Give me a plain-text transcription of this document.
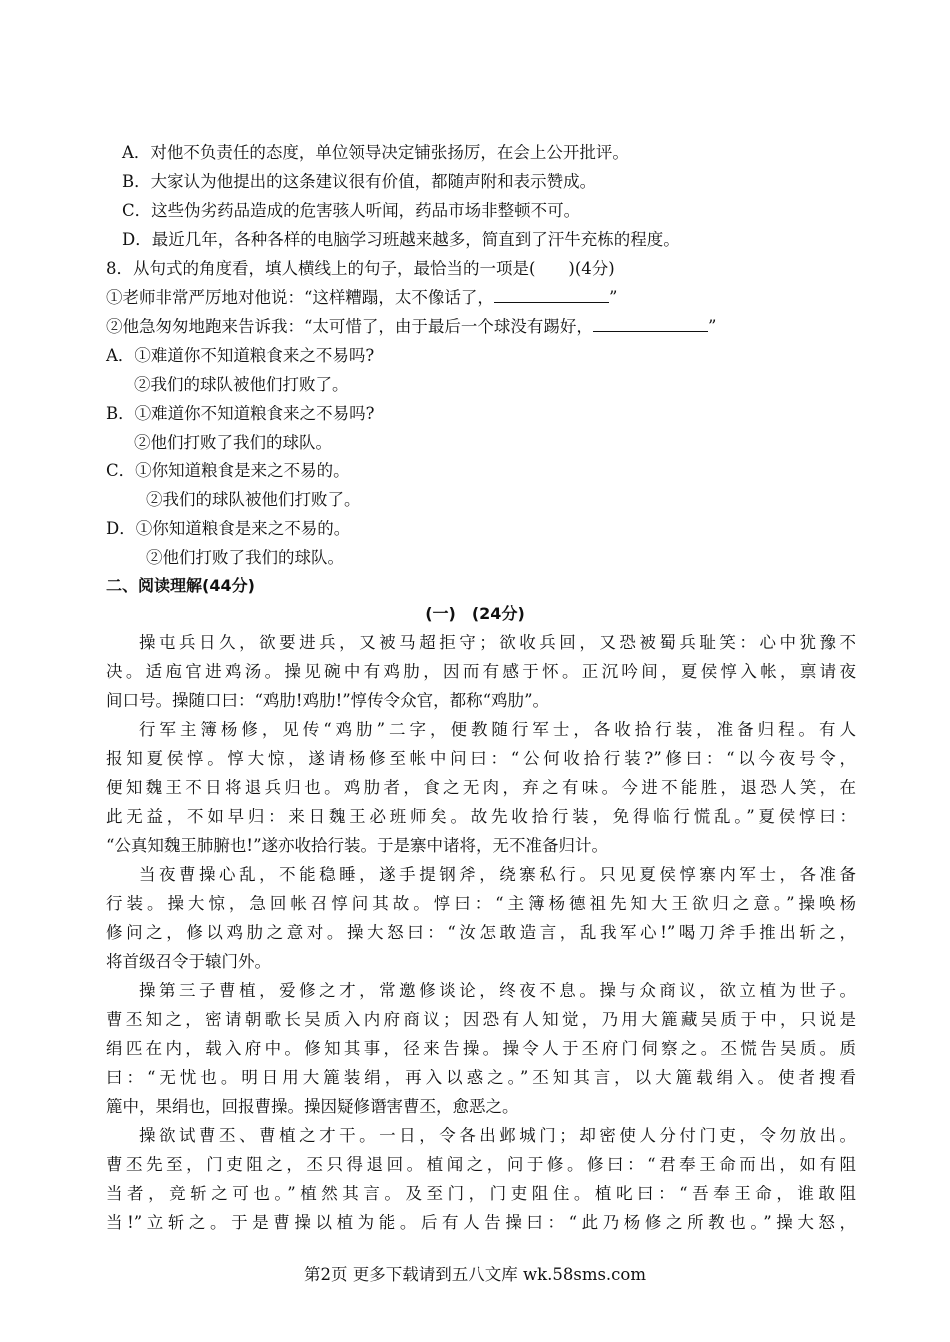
A．对他不负责任的态度，单位领导决定铺张扬厉，在会上公开批评。
B．大家认为他提出的这条建议很有价值，都随声附和表示赞成。
C．这些伪劣药品造成的危害骇人听闻，药品市场非整顿不可。
D．最近几年，各种各样的电脑学习班越来越多，简直到了汗牛充栋的程度。
8．从句式的角度看，填人横线上的句子，最恰当的一项是(　　)(4分)
①老师非常严厉地对他说：“这样糟蹋，太不像话了，	”
②他急匆匆地跑来告诉我：“太可惜了，由于最后一个球没有踢好，	”
A．①难道你不知道粮食来之不易吗?
②我们的球队被他们打败了。
B．①难道你不知道粮食来之不易吗?
②他们打败了我们的球队。
C．①你知道粮食是来之不易的。
②我们的球队被他们打败了。
D．①你知道粮食是来之不易的。
②他们打败了我们的球队。
二、阅读理解(44分)
(一)　(24分)
操屯兵日久，欲要进兵，又被马超拒守；欲收兵回，又恐被蜀兵耻笑：心中犹豫不
决。适庖官进鸡汤。操见碗中有鸡肋，因而有感于怀。正沉吟间，夏侯惇入帐，禀请夜
间口号。操随口曰：“鸡肋!鸡肋!”惇传令众官，都称“鸡肋”。
行军主簿杨修，见传“鸡肋”二字，便教随行军士，各收拾行装，准备归程。有人
报知夏侯惇。惇大惊，遂请杨修至帐中问曰：“公何收拾行装?”修曰：“以今夜号令，
便知魏王不日将退兵归也。鸡肋者，食之无肉，弃之有味。今进不能胜，退恐人笑，在
此无益，不如早归：来日魏王必班师矣。故先收拾行装，免得临行慌乱。”夏侯惇曰：
“公真知魏王肺腑也!”遂亦收拾行装。于是寨中诸将，无不准备归计。
当夜曹操心乱，不能稳睡，遂手提钢斧，绕寨私行。只见夏侯惇寨内军士，各准备
行装。操大惊，急回帐召惇问其故。惇曰：“主簿杨德祖先知大王欲归之意。”操唤杨
修问之，修以鸡肋之意对。操大怒曰：“汝怎敢造言，乱我军心!”喝刀斧手推出斩之，
将首级召令于辕门外。
操第三子曹植，爱修之才，常邀修谈论，终夜不息。操与众商议，欲立植为世子。
曹丕知之，密请朝歌长吴质入内府商议；因恐有人知觉，乃用大簏藏吴质于中，只说是
绢匹在内，载入府中。修知其事，径来告操。操令人于丕府门伺察之。丕慌告吴质。质
曰：“无忧也。明日用大簏装绢，再入以惑之。”丕知其言，以大簏载绢入。使者搜看
簏中，果绢也，回报曹操。操因疑修谮害曹丕，愈恶之。
操欲试曹丕、曹植之才干。一日，令各出邺城门；却密使人分付门吏，令勿放出。
曹丕先至，门吏阻之，丕只得退回。植闻之，问于修。修曰：“君奉王命而出，如有阻
当者，竞斩之可也。”植然其言。及至门，门吏阻住。植叱曰：“吾奉王命，谁敢阻
当!”立斩之。于是曹操以植为能。后有人告操曰：“此乃杨修之所教也。”操大怒，
第2页 更多下载请到五八文库 wk.58sms.com
